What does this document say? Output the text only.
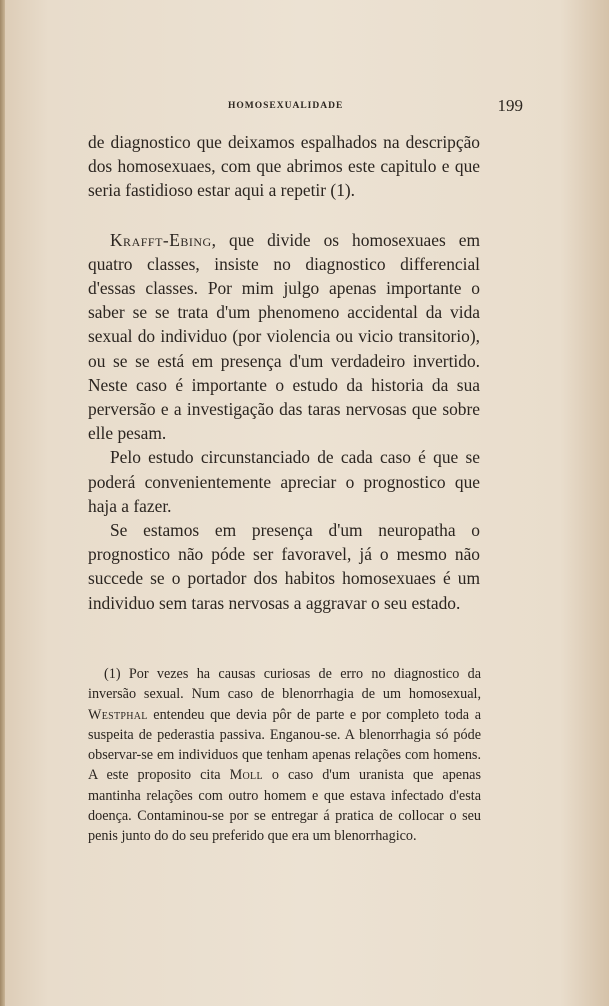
HOMOSEXUALIDADE	199

de diagnostico que deixamos espalhados na descripção dos homosexuaes, com que abrimos este capitulo e que seria fastidioso estar aqui a repetir (1).

Krafft-Ebing, que divide os homosexuaes em quatro classes, insiste no diagnostico differencial d'essas classes. Por mim julgo apenas importante o saber se se trata d'um phenomeno accidental da vida sexual do individuo (por violencia ou vicio transitorio), ou se se está em presença d'um verdadeiro invertido. Neste caso é importante o estudo da historia da sua perversão e a investigação das taras nervosas que sobre elle pesam.

Pelo estudo circunstanciado de cada caso é que se poderá convenientemente apreciar o prognostico que haja a fazer.

Se estamos em presença d'um neuropatha o prognostico não póde ser favoravel, já o mesmo não succede se o portador dos habitos homosexuaes é um individuo sem taras nervosas a aggravar o seu estado.

(1) Por vezes ha causas curiosas de erro no diagnostico da inversão sexual. Num caso de blenorrhagia de um homosexual, Westphal entendeu que devia pôr de parte e por completo toda a suspeita de pederastia passiva. Enganou-se. A blenorrhagia só póde observar-se em individuos que tenham apenas relações com homens. A este proposito cita Moll o caso d'um uranista que apenas mantinha relações com outro homem e que estava infectado d'esta doença. Contaminou-se por se entregar á pratica de collocar o seu penis junto do do seu preferido que era um blenorrhagico.
